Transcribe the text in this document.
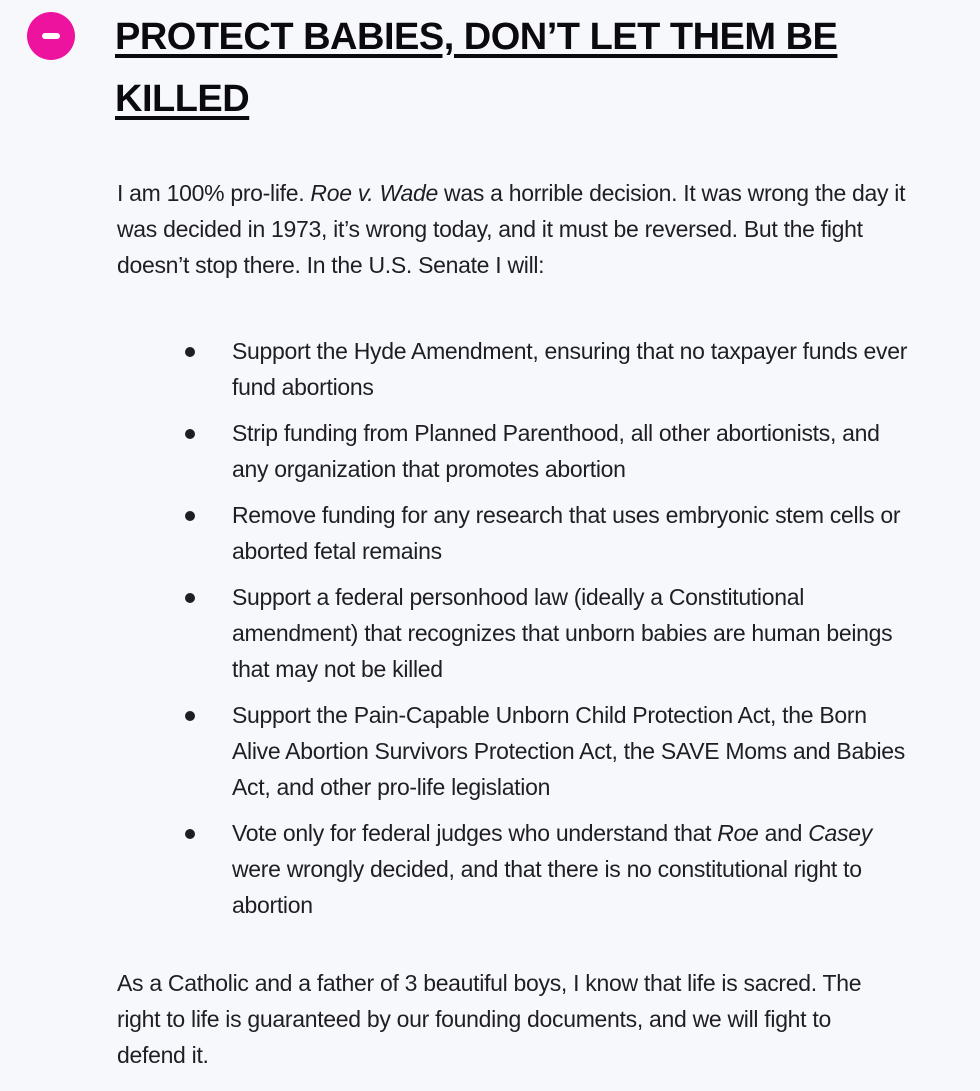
PROTECT BABIES, DON’T LET THEM BE KILLED

I am 100% pro-life. Roe v. Wade was a horrible decision. It was wrong the day it was decided in 1973, it’s wrong today, and it must be reversed. But the fight doesn’t stop there. In the U.S. Senate I will:

Support the Hyde Amendment, ensuring that no taxpayer funds ever fund abortions
Strip funding from Planned Parenthood, all other abortionists, and any organization that promotes abortion
Remove funding for any research that uses embryonic stem cells or aborted fetal remains
Support a federal personhood law (ideally a Constitutional amendment) that recognizes that unborn babies are human beings that may not be killed
Support the Pain-Capable Unborn Child Protection Act, the Born Alive Abortion Survivors Protection Act, the SAVE Moms and Babies Act, and other pro-life legislation
Vote only for federal judges who understand that Roe and Casey were wrongly decided, and that there is no constitutional right to abortion

As a Catholic and a father of 3 beautiful boys, I know that life is sacred. The right to life is guaranteed by our founding documents, and we will fight to defend it.
